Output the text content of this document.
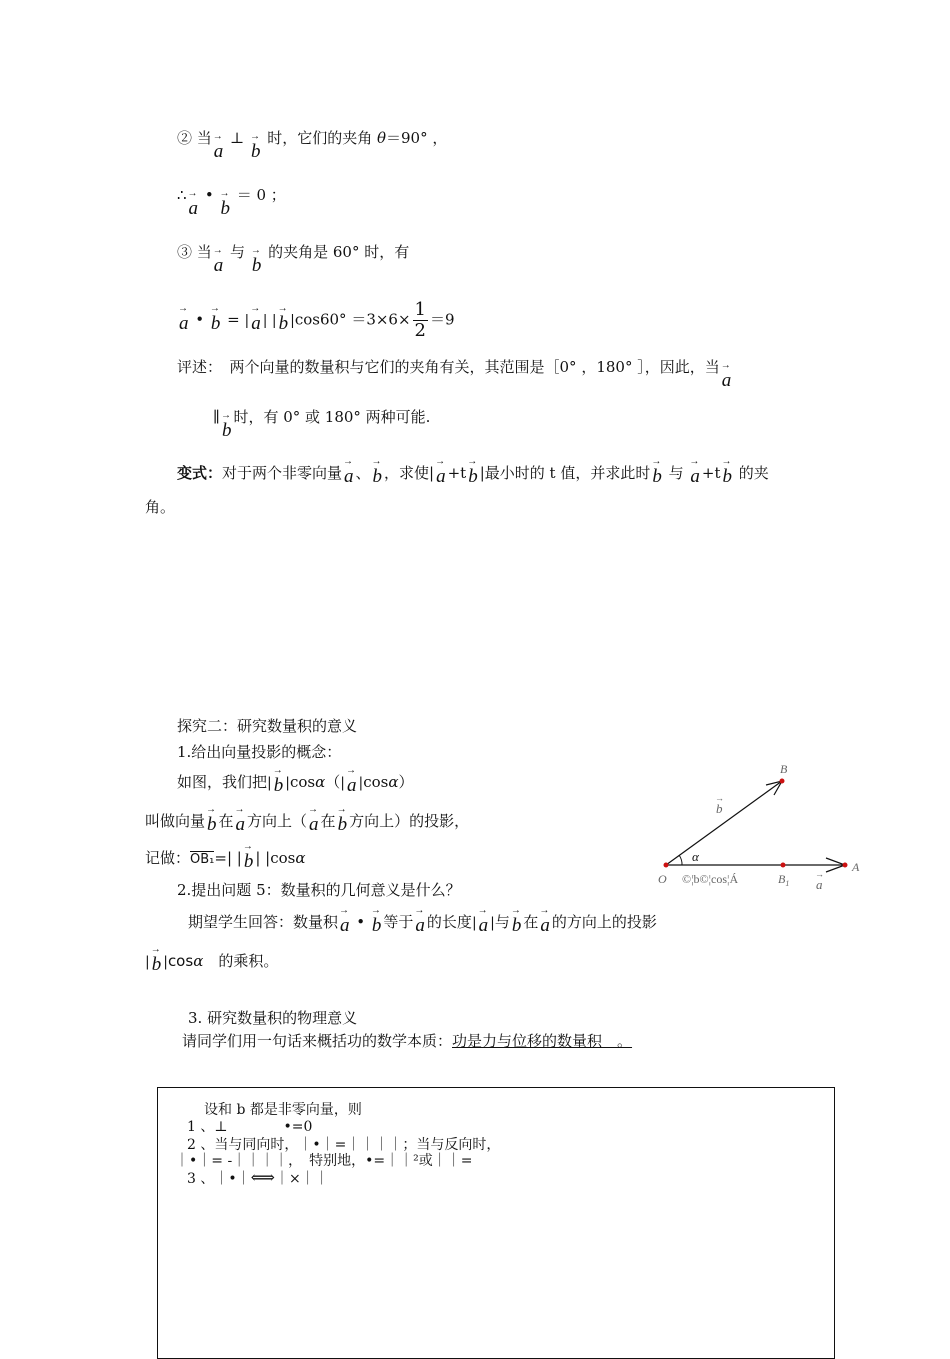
② 当→ a ⊥ → b 时，它们的夹角 θ＝90° ，
∴→ a • → b ＝ 0 ；
③ 当→ a 与 → b 的夹角是 60° 时，有
→ a • → b = | → a | | → b $|\cos 60^\circ =3\times 6\times \frac{1}{2} =9$
评述：　两个向量的数量积与它们的夹角有关，其范围是［0° ，180° ］，因此，当→ a
∥→ b时，有 0° 或 180° 两种可能.
变式：对于两个非零向量 → a 、 → b ，求使| → a +t → b |最小时的 t 值，并求此时 → b 与 → a +t → b 的夹
角。
探究二：研究数量积的意义
1.给出向量投影的概念：
如图，我们把| → b |cosα（| → a |cosα）
叫做向量 → b 在 → a 方向上（ → a 在 → b 方向上）的投影，
记做：OB₁=| | → b | |cosα
2.提出问题 5：数量积的几何意义是什么？
期望学生回答：数量积 → a • → b 等于 → a 的长度| → a |与 → b 在 → a 的方向上的投影
| → b |cosα　的乘积。
3. 研究数量积的物理意义
请同学们用一句话来概括功的数学本质：功是力与位移的数量积　。
B
A
O	$B_1$
b
→
a
→
α
©¦b©¦cos¦Á
设和 b 都是非零向量，则
1 、⊥　　　　•=0
2 、当与同向时，｜•｜=｜｜｜｜；当与反向时，
｜•｜= -｜｜｜｜，　特别地，•=｜｜²或｜｜=
3 、｜•｜⟺｜×｜｜
